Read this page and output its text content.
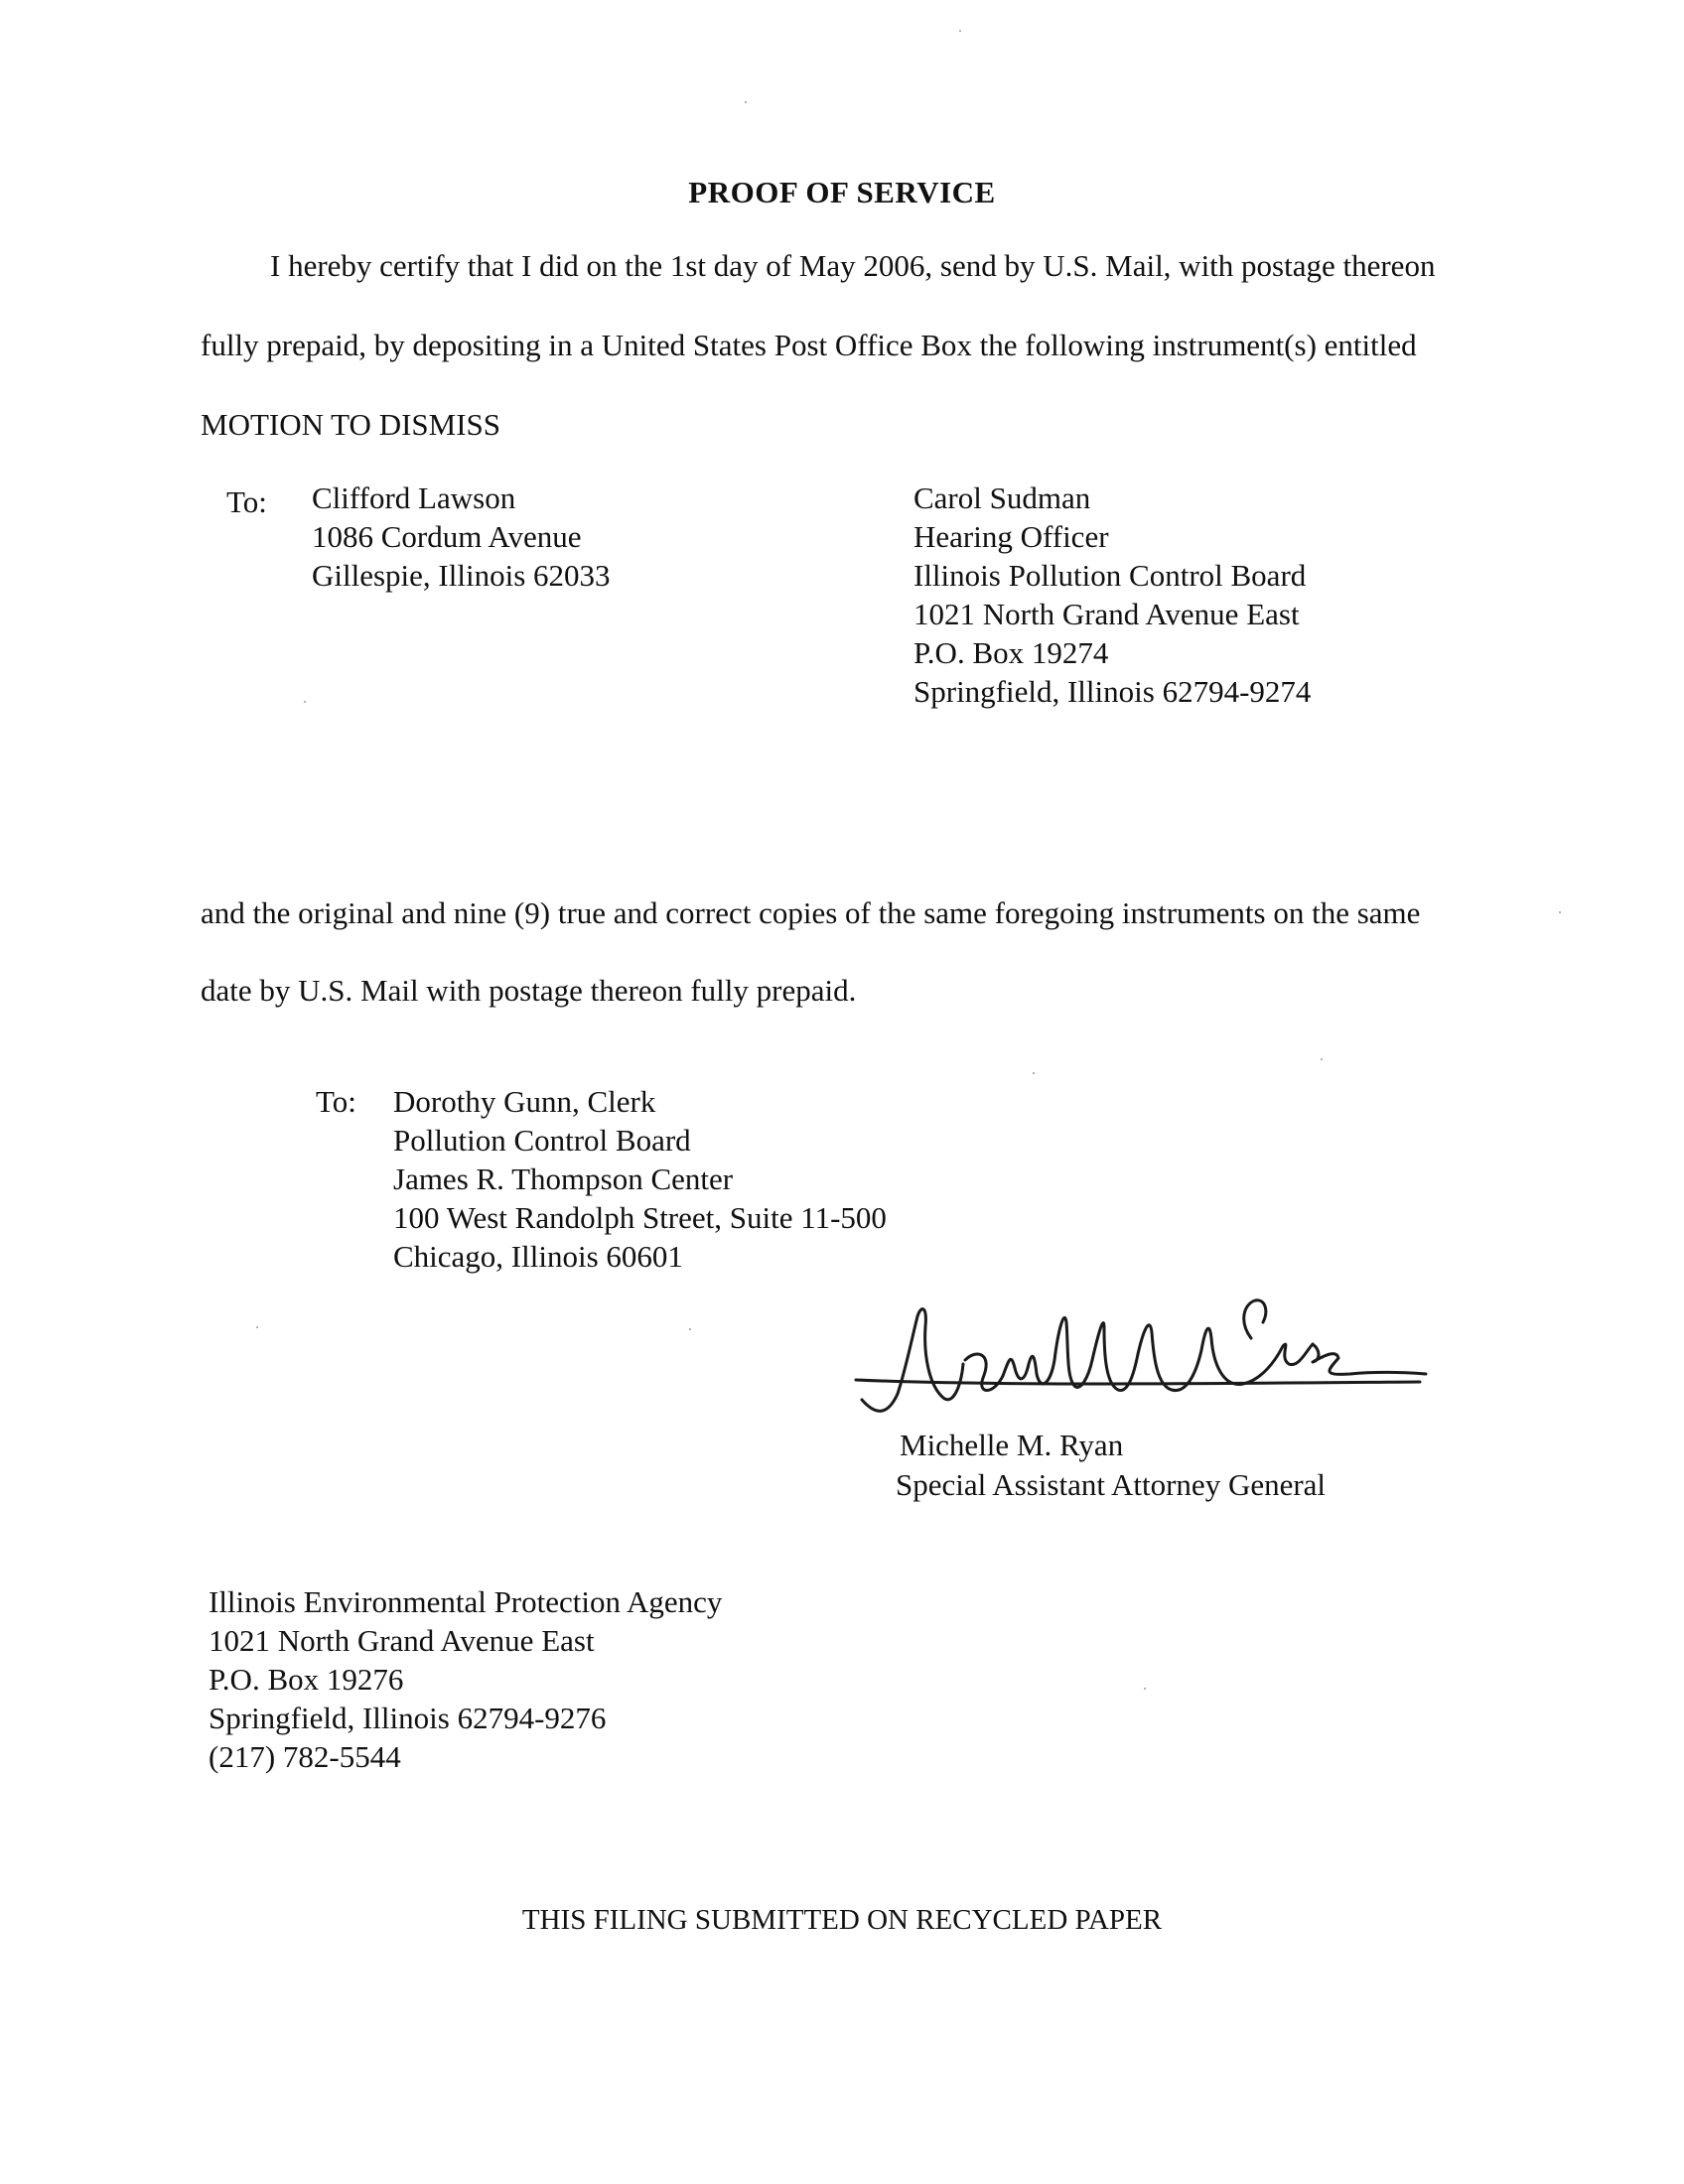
PROOF OF SERVICE
I hereby certify that I did on the 1st day of May 2006, send by U.S. Mail, with postage thereon
fully prepaid, by depositing in a United States Post Office Box the following instrument(s) entitled
MOTION TO DISMISS
To: Clifford Lawson
1086 Cordum Avenue
Gillespie, Illinois 62033
Carol Sudman
Hearing Officer
Illinois Pollution Control Board
1021 North Grand Avenue East
P.O. Box 19274
Springfield, Illinois 62794-9274
and the original and nine (9) true and correct copies of the same foregoing instruments on the same
date by U.S. Mail with postage thereon fully prepaid.
To: Dorothy Gunn, Clerk
Pollution Control Board
James R. Thompson Center
100 West Randolph Street, Suite 11-500
Chicago, Illinois 60601
Michelle M. Ryan
Special Assistant Attorney General
Illinois Environmental Protection Agency
1021 North Grand Avenue East
P.O. Box 19276
Springfield, Illinois 62794-9276
(217) 782-5544
THIS FILING SUBMITTED ON RECYCLED PAPER
